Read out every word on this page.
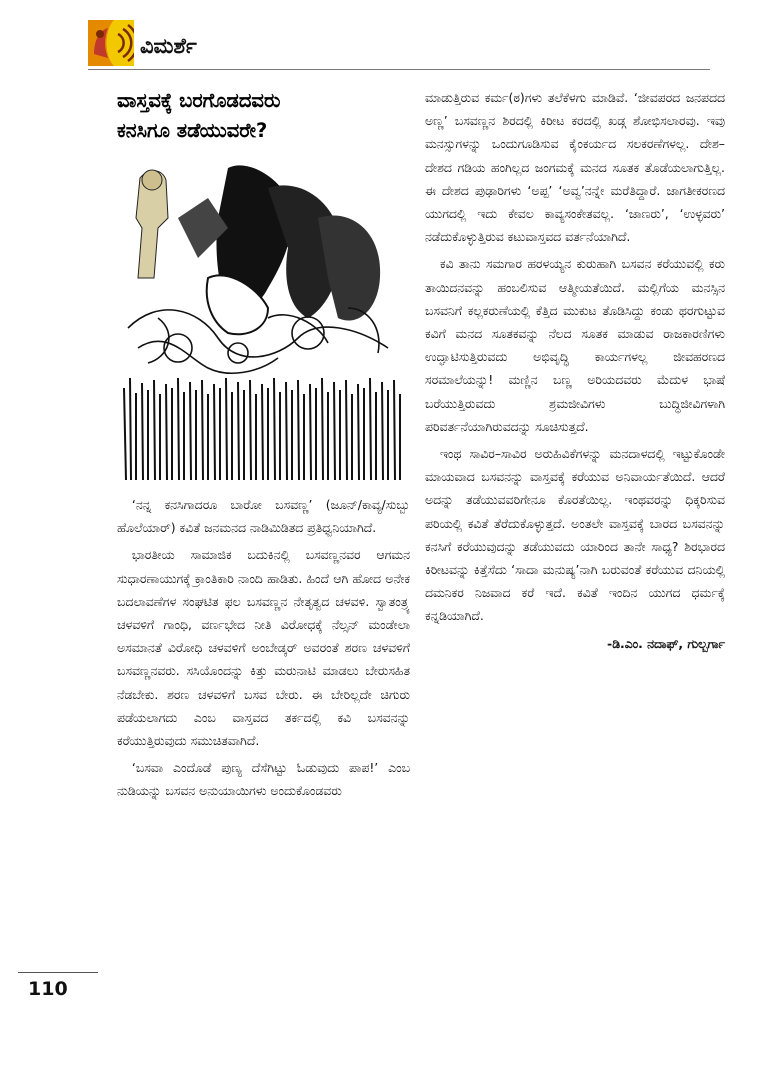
ವಿಮರ್ಶೆ
ವಾಸ್ತವಕ್ಕೆ ಬರಗೊಡದವರು
ಕನಸಿಗೂ ತಡೆಯುವರೇ?

‘ನನ್ನ ಕನಸಿಗಾದರೂ ಬಾರೋ ಬಸವಣ್ಣ’ (ಜೂನ್/ಕಾವ್ಯ/ಸುಬ್ಬು ಹೊಲೆಯಾರ್) ಕವಿತೆ ಜನಮನದ ನಾಡಿಮಿಡಿತದ ಪ್ರತಿಧ್ವನಿಯಾಗಿದೆ.

ಭಾರತೀಯ ಸಾಮಾಜಿಕ ಬದುಕಿನಲ್ಲಿ ಬಸವಣ್ಣನವರ ಆಗಮನ ಸುಧಾರಣಾಯುಗಕ್ಕೆ ಕ್ರಾಂತಿಕಾರಿ ನಾಂದಿ ಹಾಡಿತು. ಹಿಂದೆ ಆಗಿ ಹೋದ ಅನೇಕ ಬದಲಾವಣೆಗಳ ಸಂಘಟಿತ ಫಲ ಬಸವಣ್ಣನ ನೇತೃತ್ವದ ಚಳವಳಿ. ಸ್ವಾತಂತ್ರ್ಯ ಚಳವಳಿಗೆ ಗಾಂಧಿ, ವರ್ಣಭೇದ ನೀತಿ ವಿರೋಧಕ್ಕೆ ನೆಲ್ಸನ್ ಮಂಡೇಲಾ ಅಸಮಾನತೆ ವಿರೋಧಿ ಚಳವಳಿಗೆ ಅಂಬೇಡ್ಕರ್ ಅವರಂತೆ ಶರಣ ಚಳವಳಿಗೆ ಬಸವಣ್ಣನವರು. ಸಸಿಯೊಂದನ್ನು ಕಿತ್ತು ಮರುನಾಟಿ ಮಾಡಲು ಬೇರುಸಹಿತ ನೆಡಬೇಕು. ಶರಣ ಚಳವಳಿಗೆ ಬಸವ ಬೇರು. ಈ ಬೇರಿಲ್ಲದೇ ಚಿಗುರು ಪಡೆಯಲಾಗದು ಎಂಬ ವಾಸ್ತವದ ತರ್ಕದಲ್ಲಿ ಕವಿ ಬಸವನನ್ನು ಕರೆಯುತ್ತಿರುವುದು ಸಮುಚಿತವಾಗಿದೆ.

‘ಬಸವಾ ಎಂದೊಡೆ ಪುಣ್ಯ ದೆಸೆಗಿಟ್ಟು ಓಡುವುದು ಪಾಪ!’ ಎಂಬ ನುಡಿಯನ್ನು ಬಸವನ ಅನುಯಾಯಿಗಳು ಅಂದುಕೊಂಡವರು

ಮಾಡುತ್ತಿರುವ ಕರ್ಮ(ಠ)ಗಳು ತಲೆಕೆಳಗು ಮಾಡಿವೆ. ‘ಜೀವಪರದ ಜನಪದದ ಅಣ್ಣ’ ಬಸವಣ್ಣನ ಶಿರದಲ್ಲಿ ಕಿರೀಟ ಕರದಲ್ಲಿ ಖಡ್ಗ ಶೋಭಿಸಲಾರವು. ಇವು ಮನಸ್ಸುಗಳನ್ನು ಒಂದುಗೂಡಿಸುವ ಕೈಂಕರ್ಯದ ಸಲಕರಣೆಗಳಲ್ಲ. ದೇಶ–ದೇಶದ ಗಡಿಯ ಹಂಗಿಲ್ಲದ ಜಂಗಮಕ್ಕೆ ಮನದ ಸೂತಕ ತೊಡೆಯಲಾಗುತ್ತಿಲ್ಲ. ಈ ದೇಶದ ಪುಢಾರಿಗಳು ‘ಅಪ್ಪ’ ‘ಅವ್ವ’ನನ್ನೇ ಮರೆತಿದ್ದಾರೆ. ಜಾಗತೀಕರಣದ ಯುಗದಲ್ಲಿ ಇದು ಕೇವಲ ಕಾವ್ಯಸಂಕೇತವಲ್ಲ. ‘ಜಾಣರು’, ‘ಉಳ್ಳವರು’ ನಡೆದುಕೊಳ್ಳುತ್ತಿರುವ ಕಟುವಾಸ್ತವದ ವರ್ತನೆಯಾಗಿದೆ.

ಕವಿ ತಾನು ಸಮಗಾರ ಹರಳಯ್ಯನ ಕುರುಹಾಗಿ ಬಸವನ ಕರೆಯುವಲ್ಲಿ ಕರು ತಾಯಿದನವನ್ನು ಹಂಬಲಿಸುವ ಆತ್ಮೀಯತೆಯಿದೆ. ಮಲ್ಲಿಗೆಯ ಮನಸ್ಸಿನ ಬಸವನಿಗೆ ಕಲ್ಲಕರುಣೆಯಲ್ಲಿ ಕೆತ್ತಿದ ಮುಕುಟ ತೊಡಿಸಿದ್ದು ಕಂಡು ಥರಗುಟ್ಟುವ ಕವಿಗೆ ಮನದ ಸೂತಕವನ್ನು ನೆಲದ ಸೂತಕ ಮಾಡುವ ರಾಜಕಾರಣಿಗಳು ಉದ್ಘಾಟಿಸುತ್ತಿರುವದು ಅಭಿವೃದ್ಧಿ ಕಾರ್ಯಗಳಲ್ಲ ಜೀವಹರಣದ ಸರಮಾಲೆಯನ್ನು! ಮಣ್ಣಿನ ಬಣ್ಣ ಅರಿಯದವರು ಮೆದುಳ ಭಾಷೆ ಬರೆಯುತ್ತಿರುವದು ಶ್ರಮಜೀವಿಗಳು ಬುದ್ಧಿಜೀವಿಗಳಾಗಿ ಪರಿವರ್ತನೆಯಾಗಿರುವದನ್ನು ಸೂಚಿಸುತ್ತದೆ.

ಇಂಥ ಸಾವಿರ–ಸಾವಿರ ಅರುಹಿವಿಕೆಗಳನ್ನು ಮನದಾಳದಲ್ಲಿ ಇಟ್ಟುಕೊಂಡೇ ಮಾಯವಾದ ಬಸವನನ್ನು ವಾಸ್ತವಕ್ಕೆ ಕರೆಯುವ ಅನಿವಾರ್ಯತೆಯಿದೆ. ಆದರೆ ಅದನ್ನು ತಡೆಯುವವರಿಗೇನೂ ಕೊರತೆಯಿಲ್ಲ. ಇಂಥವರನ್ನು ಧಿಕ್ಕರಿಸುವ ಪರಿಯಲ್ಲಿ ಕವಿತೆ ತೆರೆದುಕೊಳ್ಳುತ್ತದೆ. ಅಂತಲೇ ವಾಸ್ತವಕ್ಕೆ ಬಾರದ ಬಸವನನ್ನು ಕನಸಿಗೆ ಕರೆಯುವುದನ್ನು ತಡೆಯುವದು ಯಾರಿಂದ ತಾನೇ ಸಾಧ್ಯ? ಶಿರಭಾರದ ಕಿರೀಟವನ್ನು ಕಿತ್ತೆಸೆದು ‘ಸಾದಾ ಮನುಷ್ಯ’ನಾಗಿ ಬರುವಂತೆ ಕರೆಯುವ ದನಿಯಲ್ಲಿ ದಮನಿಕರ ನಿಜವಾದ ಕರೆ ಇದೆ. ಕವಿತೆ ಇಂದಿನ ಯುಗದ ಧರ್ಮಕ್ಕೆ ಕನ್ನಡಿಯಾಗಿದೆ.

-ಡಿ.ಎಂ. ನದಾಫ್, ಗುಲ್ಬರ್ಗಾ
110
